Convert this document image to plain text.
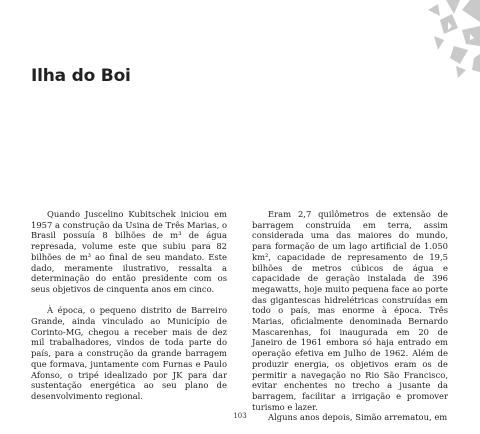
Ilha do Boi

Quando Juscelino Kubitschek iniciou em 1957 a construção da Usina de Três Marias, o Brasil possuía 8 bilhões de m³ de água represada, volume este que subiu para 82 bilhões de m³ ao final de seu mandato. Este dado, meramente ilustrativo, ressalta a determinação do então presidente com os seus objetivos de cinquenta anos em cinco.

À época, o pequeno distrito de Barreiro Grande, ainda vinculado ao Município de Corinto-MG, chegou a receber mais de dez mil trabalhadores, vindos de toda parte do país, para a construção da grande barragem que formava, juntamente com Furnas e Paulo Afonso, o tripé idealizado por JK para dar sustentação energética ao seu plano de desenvolvimento regional.

Eram 2,7 quilômetros de extensão de barragem construída em terra, assim considerada uma das maiores do mundo, para formação de um lago artificial de 1.050 km², capacidade de represamento de 19,5 bilhões de metros cúbicos de água e capacidade de geração instalada de 396 megawatts, hoje muito pequena face ao porte das gigantescas hidrelétricas construídas em todo o país, mas enorme à época. Três Marias, oficialmente denominada Bernardo Mascarenhas, foi inaugurada em 20 de Janeiro de 1961 embora só haja entrado em operação efetiva em Julho de 1962. Além de produzir energia, os objetivos eram os de permitir a navegação no Rio São Francisco, evitar enchentes no trecho a jusante da barragem, facilitar a irrigação e promover turismo e lazer.

Alguns anos depois, Simão arrematou, em

103
